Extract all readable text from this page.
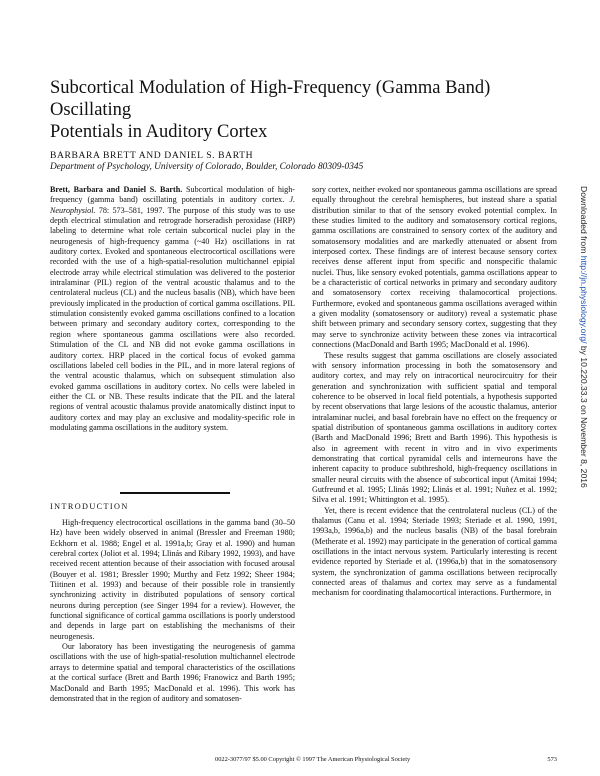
Subcortical Modulation of High-Frequency (Gamma Band) Oscillating
Potentials in Auditory Cortex
BARBARA BRETT AND DANIEL S. BARTH
Department of Psychology, University of Colorado, Boulder, Colorado 80309-0345

Brett, Barbara and Daniel S. Barth. Subcortical modulation of high-frequency (gamma band) oscillating potentials in auditory cortex. J. Neurophysiol. 78: 573–581, 1997. The purpose of this study was to use depth electrical stimulation and retrograde horseradish peroxidase (HRP) labeling to determine what role certain subcortical nuclei play in the neurogenesis of high-frequency gamma (~40 Hz) oscillations in rat auditory cortex. Evoked and spontaneous electrocortical oscillations were recorded with the use of a high-spatial-resolution multichannel epipial electrode array while electrical stimulation was delivered to the posterior intralaminar (PIL) region of the ventral acoustic thalamus and to the centrolateral nucleus (CL) and the nucleus basalis (NB), which have been previously implicated in the production of cortical gamma oscillations. PIL stimulation consistently evoked gamma oscillations confined to a location between primary and secondary auditory cortex, corresponding to the region where spontaneous gamma oscillations were also recorded. Stimulation of the CL and NB did not evoke gamma oscillations in auditory cortex. HRP placed in the cortical focus of evoked gamma oscillations labeled cell bodies in the PIL, and in more lateral regions of the ventral acoustic thalamus, which on subsequent stimulation also evoked gamma oscillations in auditory cortex. No cells were labeled in either the CL or NB. These results indicate that the PIL and the lateral regions of ventral acoustic thalamus provide anatomically distinct input to auditory cortex and may play an exclusive and modality-specific role in modulating gamma oscillations in the auditory system.

INTRODUCTION

High-frequency electrocortical oscillations in the gamma band (30–50 Hz) have been widely observed in animal (Bressler and Freeman 1980; Eckhorn et al. 1988; Engel et al. 1991a,b; Gray et al. 1990) and human cerebral cortex (Joliot et al. 1994; Llinás and Ribary 1992, 1993), and have received recent attention because of their association with focused arousal (Bouyer et al. 1981; Bressler 1990; Murthy and Fetz 1992; Sheer 1984; Tiitinen et al. 1993) and because of their possible role in transiently synchronizing activity in distributed populations of sensory cortical neurons during perception (see Singer 1994 for a review). However, the functional significance of cortical gamma oscillations is poorly understood and depends in large part on establishing the mechanisms of their neurogenesis.

Our laboratory has been investigating the neurogenesis of gamma oscillations with the use of high-spatial-resolution multichannel electrode arrays to determine spatial and temporal characteristics of the oscillations at the cortical surface (Brett and Barth 1996; Franowicz and Barth 1995; MacDonald and Barth 1995; MacDonald et al. 1996). This work has demonstrated that in the region of auditory and somatosen-

sory cortex, neither evoked nor spontaneous gamma oscillations are spread equally throughout the cerebral hemispheres, but instead share a spatial distribution similar to that of the sensory evoked potential complex. In these studies limited to the auditory and somatosensory cortical regions, gamma oscillations are constrained to sensory cortex of the auditory and somatosensory modalities and are markedly attenuated or absent from interposed cortex. These findings are of interest because sensory cortex receives dense afferent input from specific and nonspecific thalamic nuclei. Thus, like sensory evoked potentials, gamma oscillations appear to be a characteristic of cortical networks in primary and secondary auditory and somatosensory cortex receiving thalamocortical projections. Furthermore, evoked and spontaneous gamma oscillations averaged within a given modality (somatosensory or auditory) reveal a systematic phase shift between primary and secondary sensory cortex, suggesting that they may serve to synchronize activity between these zones via intracortical connections (MacDonald and Barth 1995; MacDonald et al. 1996).

These results suggest that gamma oscillations are closely associated with sensory information processing in both the somatosensory and auditory cortex, and may rely on intracortical neurocircuitry for their generation and synchronization with sufficient spatial and temporal coherence to be observed in local field potentials, a hypothesis supported by recent observations that large lesions of the acoustic thalamus, anterior intralaminar nuclei, and basal forebrain have no effect on the frequency or spatial distribution of spontaneous gamma oscillations in auditory cortex (Barth and MacDonald 1996; Brett and Barth 1996). This hypothesis is also in agreement with recent in vitro and in vivo experiments demonstrating that cortical pyramidal cells and interneurons have the inherent capacity to produce subthreshold, high-frequency oscillations in smaller neural circuits with the absence of subcortical input (Amitai 1994; Gutfreund et al. 1995; Llinás 1992; Llinás et al. 1991; Nuñez et al. 1992; Silva et al. 1991; Whittington et al. 1995).

Yet, there is recent evidence that the centrolateral nucleus (CL) of the thalamus (Canu et al. 1994; Steriade 1993; Steriade et al. 1990, 1991, 1993a,b, 1996a,b) and the nucleus basalis (NB) of the basal forebrain (Metherate et al. 1992) may participate in the generation of cortical gamma oscillations in the intact nervous system. Particularly interesting is recent evidence reported by Steriade et al. (1996a,b) that in the somatosensory system, the synchronization of gamma oscillations between reciprocally connected areas of thalamus and cortex may serve as a fundamental mechanism for coordinating thalamocortical interactions. Furthermore, in

0022-3077/97 $5.00 Copyright © 1997 The American Physiological Society	573
Downloaded from http://jn.physiology.org/ by 10.220.33.3 on November 8, 2016
